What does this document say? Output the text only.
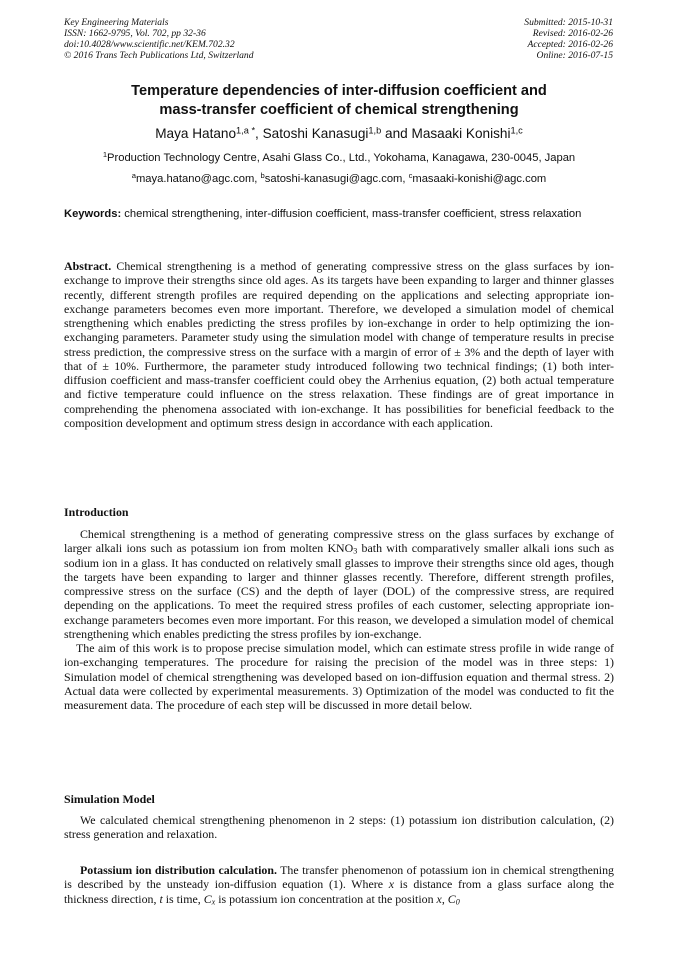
Key Engineering Materials
ISSN: 1662-9795, Vol. 702, pp 32-36
doi:10.4028/www.scientific.net/KEM.702.32
© 2016 Trans Tech Publications Ltd, Switzerland
Submitted: 2015-10-31
Revised: 2016-02-26
Accepted: 2016-02-26
Online: 2016-07-15
Temperature dependencies of inter-diffusion coefficient and
mass-transfer coefficient of chemical strengthening
Maya Hatano$^{1,a *}$, Satoshi Kanasugi$^{1,b}$ and Masaaki Konishi$^{1,c}$
$^1$Production Technology Centre, Asahi Glass Co., Ltd., Yokohama, Kanagawa, 230-0045, Japan
$^a$maya.hatano@agc.com, $^b$satoshi-kanasugi@agc.com, $^c$masaaki-konishi@agc.com
Keywords: chemical strengthening, inter-diffusion coefficient, mass-transfer coefficient, stress relaxation
Abstract. Chemical strengthening is a method of generating compressive stress on the glass surfaces by ion-exchange to improve their strengths since old ages. As its targets have been expanding to larger and thinner glasses recently, different strength profiles are required depending on the applications and selecting appropriate ion-exchange parameters becomes even more important. Therefore, we developed a simulation model of chemical strengthening which enables predicting the stress profiles by ion-exchange in order to help optimizing the ion-exchanging parameters. Parameter study using the simulation model with change of temperature results in precise stress prediction, the compressive stress on the surface with a margin of error of ± 3% and the depth of layer with that of ± 10%. Furthermore, the parameter study introduced following two technical findings; (1) both inter-diffusion coefficient and mass-transfer coefficient could obey the Arrhenius equation, (2) both actual temperature and fictive temperature could influence on the stress relaxation. These findings are of great importance in comprehending the phenomena associated with ion-exchange. It has possibilities for beneficial feedback to the composition development and optimum stress design in accordance with each application.
Introduction

Chemical strengthening is a method of generating compressive stress on the glass surfaces by exchange of larger alkali ions such as potassium ion from molten $KNO_3$ bath with comparatively smaller alkali ions such as sodium ion in a glass. It has conducted on relatively small glasses to improve their strengths since old ages, though the targets have been expanding to larger and thinner glasses recently. Therefore, different strength profiles, compressive stress on the surface (CS) and the depth of layer (DOL) of the compressive stress, are required depending on the applications. To meet the required stress profiles of each customer, selecting appropriate ion-exchange parameters becomes even more important. For this reason, we developed a simulation model of chemical strengthening which enables predicting the stress profiles by ion-exchange.

The aim of this work is to propose precise simulation model, which can estimate stress profile in wide range of ion-exchanging temperatures. The procedure for raising the precision of the model was in three steps: 1) Simulation model of chemical strengthening was developed based on ion-diffusion equation and thermal stress. 2) Actual data were collected by experimental measurements. 3) Optimization of the model was conducted to fit the measurement data. The procedure of each step will be discussed in more detail below.

Simulation Model

We calculated chemical strengthening phenomenon in 2 steps: (1) potassium ion distribution calculation, (2) stress generation and relaxation.

Potassium ion distribution calculation. The transfer phenomenon of potassium ion in chemical strengthening is described by the unsteady ion-diffusion equation (1). Where x is distance from a glass surface along the thickness direction, t is time, $C_x$ is potassium ion concentration at the position x, $C_0$
